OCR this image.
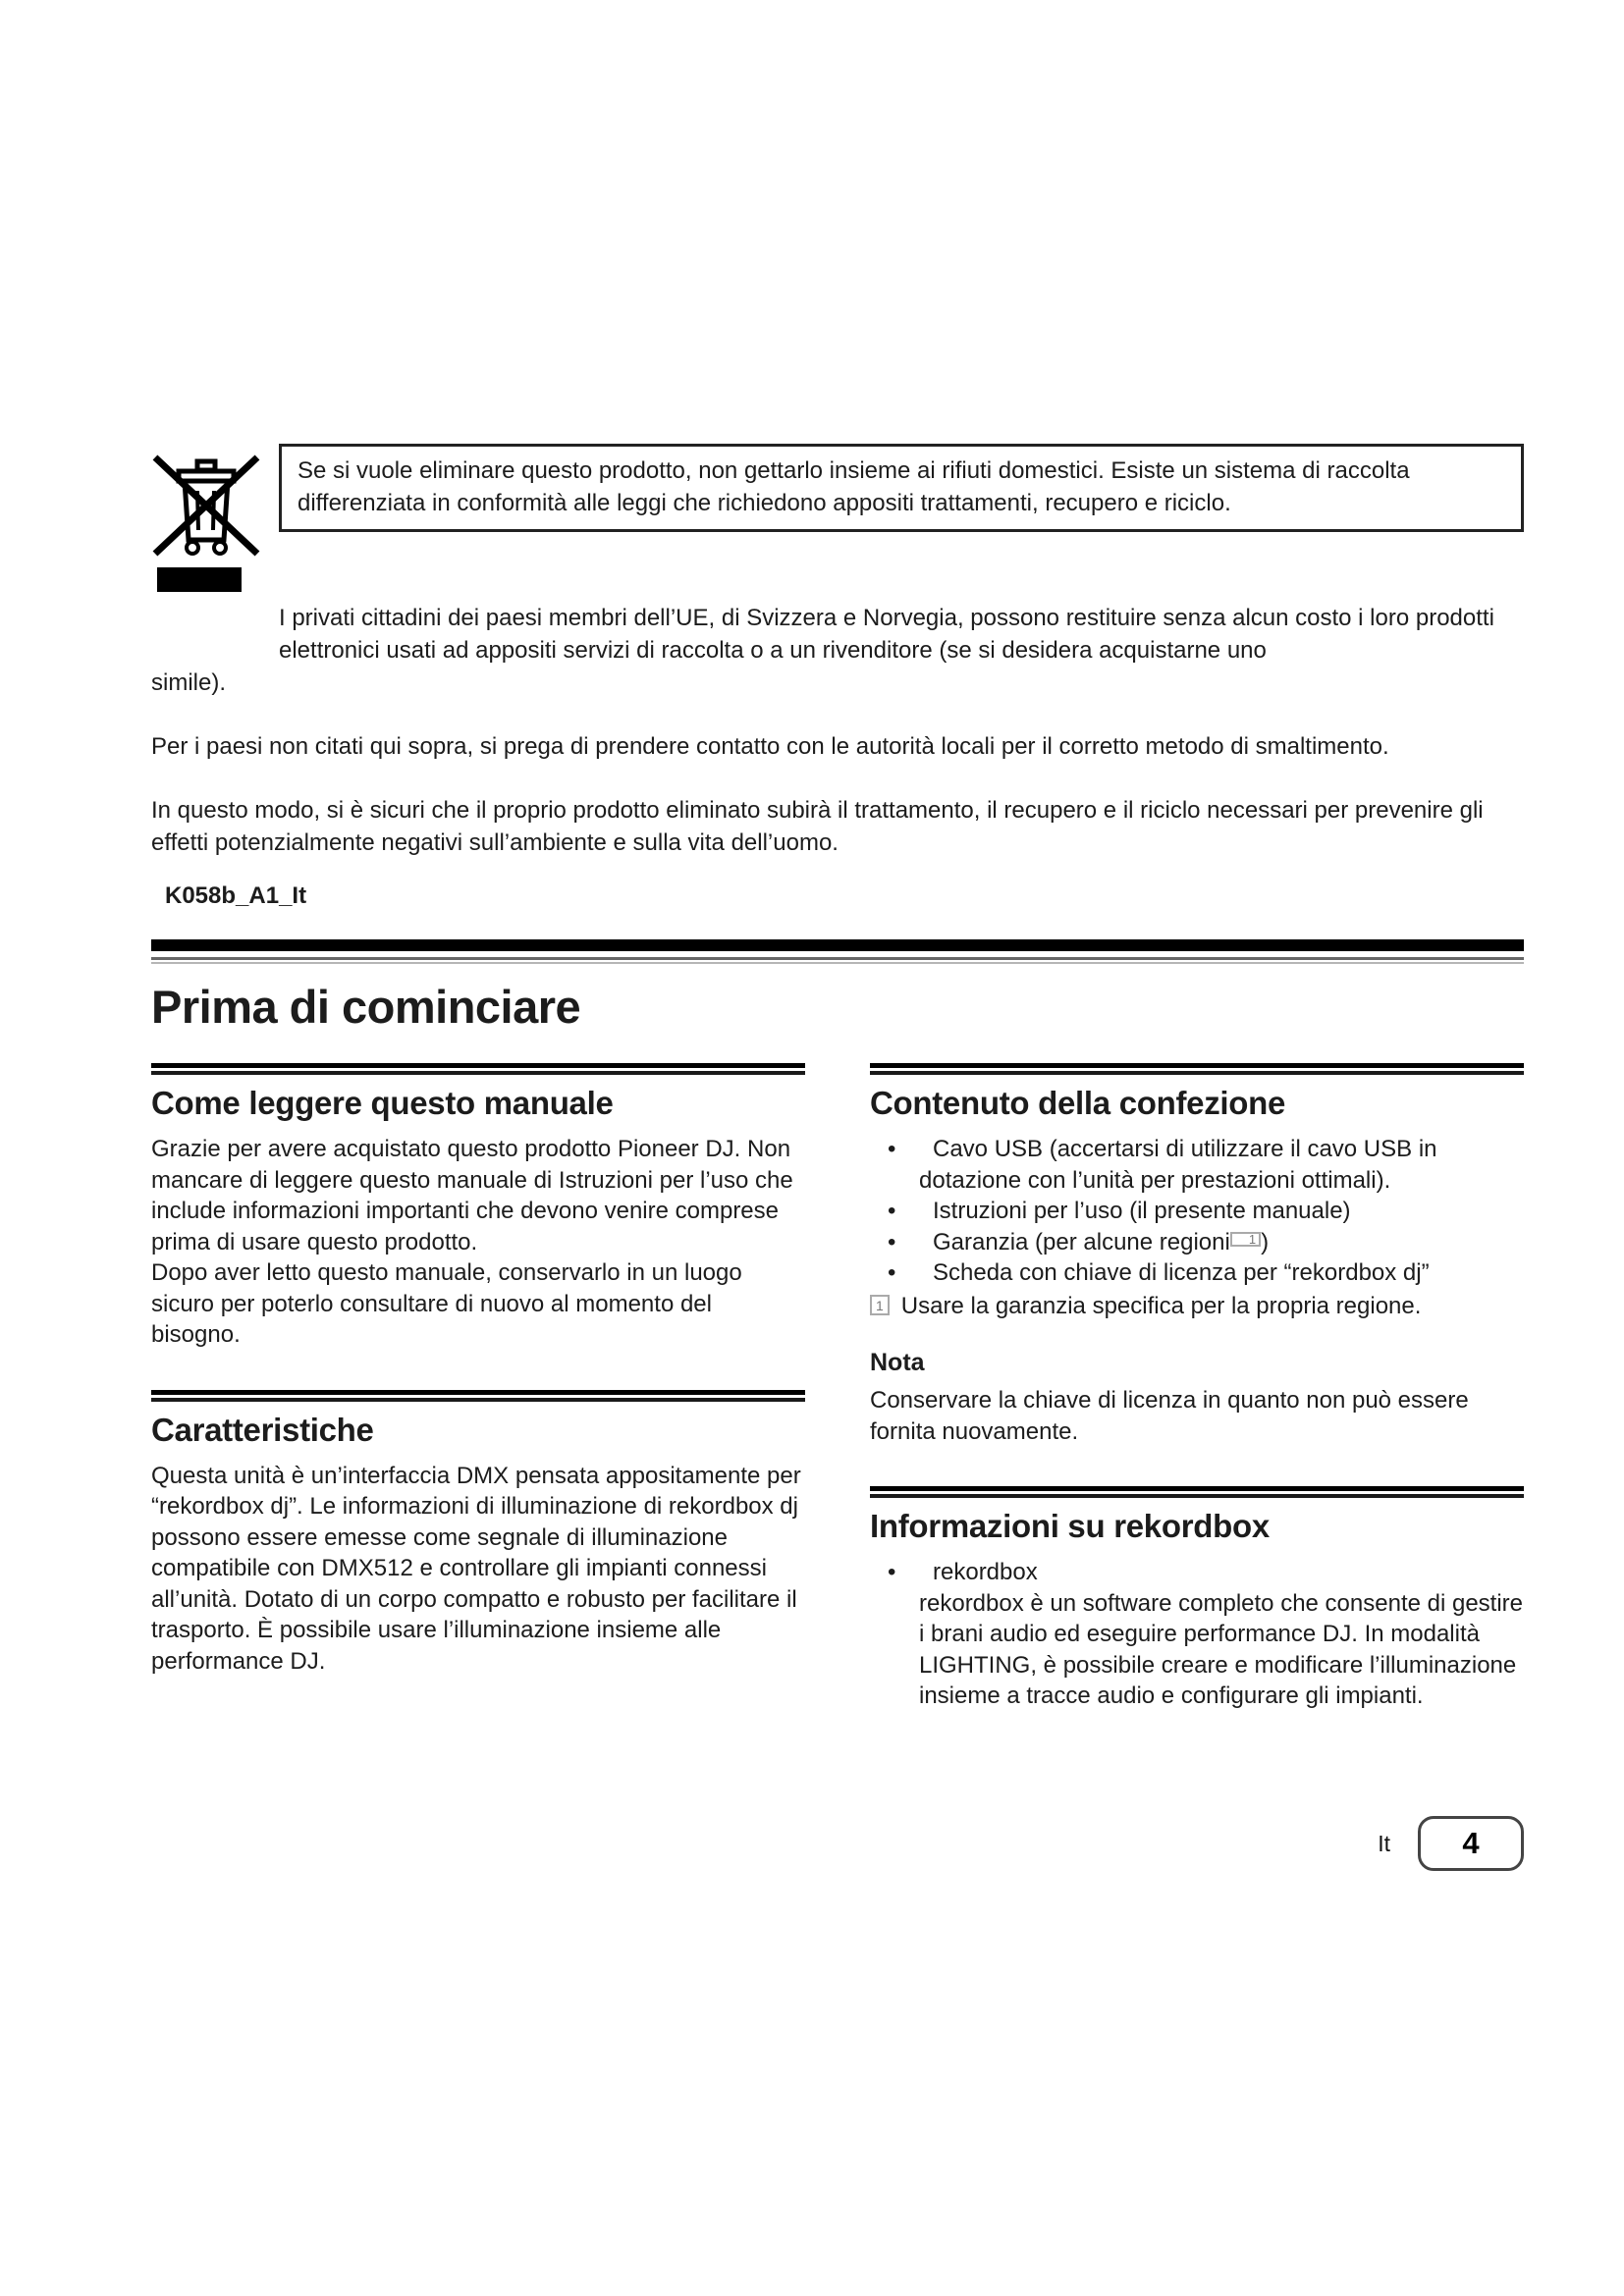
Se si vuole eliminare questo prodotto, non gettarlo insieme ai rifiuti domestici. Esiste un sistema di raccolta differenziata in conformità alle leggi che richiedono appositi trattamenti, recupero e riciclo.

I privati cittadini dei paesi membri dell’UE, di Svizzera e Norvegia, possono restituire senza alcun costo i loro prodotti elettronici usati ad appositi servizi di raccolta o a un rivenditore (se si desidera acquistarne uno

simile).

Per i paesi non citati qui sopra, si prega di prendere contatto con le autorità locali per il corretto metodo di smaltimento.

In questo modo, si è sicuri che il proprio prodotto eliminato subirà il trattamento, il recupero e il riciclo necessari per prevenire gli effetti potenzialmente negativi sull’ambiente e sulla vita dell’uomo.

K058b_A1_It
Prima di cominciare
Come leggere questo manuale

Grazie per avere acquistato questo prodotto Pioneer DJ. Non mancare di leggere questo manuale di Istruzioni per l’uso che include informazioni importanti che devono venire comprese prima di usare questo prodotto.

Dopo aver letto questo manuale, conservarlo in un luogo sicuro per poterlo consultare di nuovo al momento del bisogno.

Caratteristiche

Questa unità è un’interfaccia DMX pensata appositamente per “rekordbox dj”. Le informazioni di illuminazione di rekordbox dj possono essere emesse come segnale di illuminazione compatibile con DMX512 e controllare gli impianti connessi all’unità. Dotato di un corpo compatto e robusto per facilitare il trasporto. È possibile usare l’illuminazione insieme alle performance DJ.

Contenuto della confezione
• Cavo USB (accertarsi di utilizzare il cavo USB in dotazione con l’unità per prestazioni ottimali).
• Istruzioni per l’uso (il presente manuale)
• Garanzia (per alcune regioni 1 )
• Scheda con chiave di licenza per “rekordbox dj”
1 Usare la garanzia specifica per la propria regione.
Nota
Conservare la chiave di licenza in quanto non può essere fornita nuovamente.
Informazioni su rekordbox
• rekordbox
rekordbox è un software completo che consente di gestire i brani audio ed eseguire performance DJ. In modalità LIGHTING, è possibile creare e modificare l’illuminazione insieme a tracce audio e configurare gli impianti.
It	4
